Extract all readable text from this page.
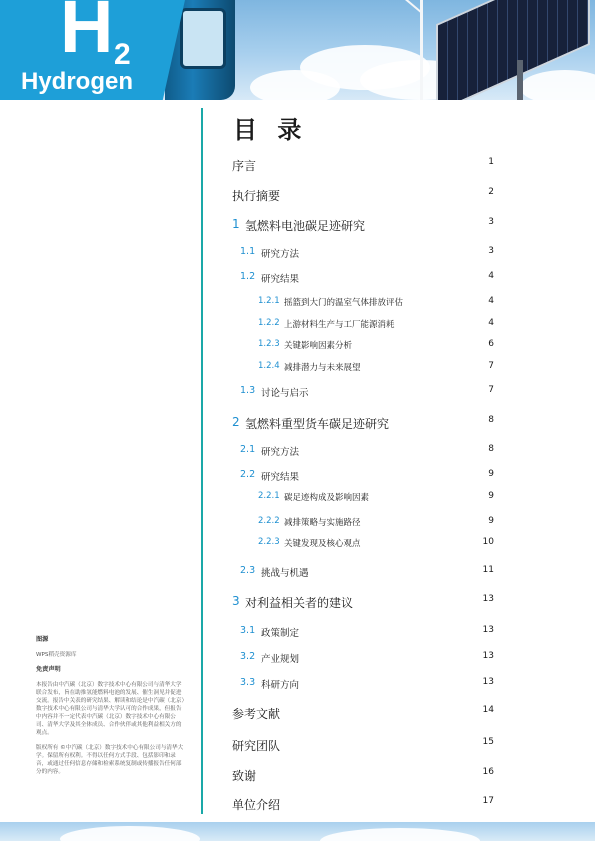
H 2
Hydrogen
目 录
序言	1
执行摘要	2
1 氢燃料电池碳足迹研究	3
1.1 研究方法	3
1.2 研究结果	4
1.2.1 摇篮到大门的温室气体排放评估	4
1.2.2 上游材料生产与工厂能源消耗	4
1.2.3 关键影响因素分析	6
1.2.4 减排潜力与未来展望	7
1.3 讨论与启示	7
2 氢燃料重型货车碳足迹研究	8
2.1 研究方法	8
2.2 研究结果	9
2.2.1 碳足迹构成及影响因素	9
2.2.2 减排策略与实施路径	9
2.2.3 关键发现及核心观点	10
2.3 挑战与机遇	11
3 对利益相关者的建议	13
3.1 政策制定	13
3.2 产业规划	13
3.3 科研方向	13
参考文献	14
研究团队	15
致谢	16
单位介绍	17

图源

WPS稻壳资源库

免责声明

本报告由中汽碳（北京）数字技术中心有限公司与清华大学联合发布，旨在助推氢能燃料电池的发展、催生洞见并促进交流。报告中关表的研究结果、解读和结论是中汽碳（北京）数字技术中心有限公司与清华大学认可的合作成果，但报告中内容并不一定代表中汽碳（北京）数字技术中心有限公司、清华大学及其全体成员、合作伙伴或其他利益相关方的观点。

版权所有 ©中汽碳（北京）数字技术中心有限公司与清华大学。保留所有权利。不得以任何方式手段、包括影印和录音，或通过任何信息存储和检索系统复制或传播报告任何部分的内容。
